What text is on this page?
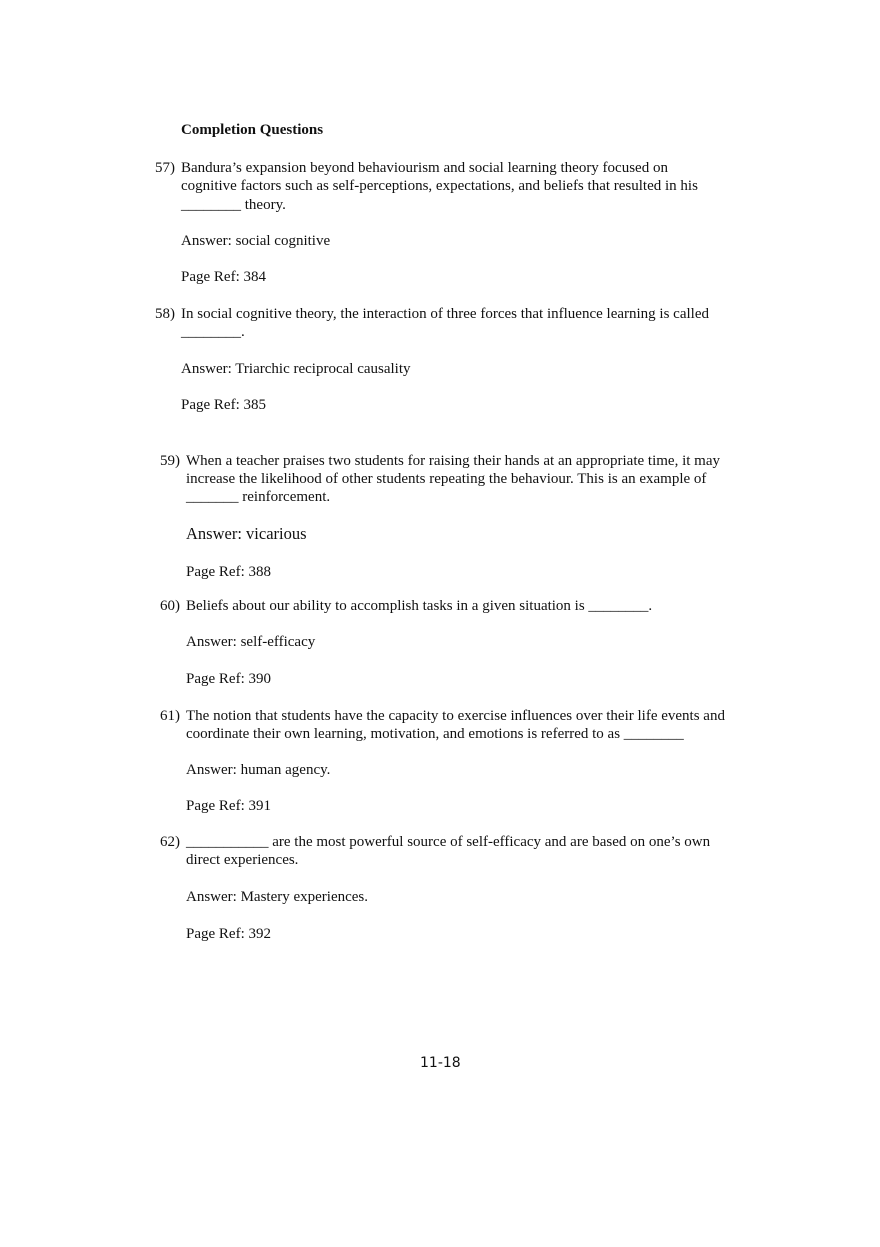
Completion Questions
57) Bandura’s expansion beyond behaviourism and social learning theory focused on
cognitive factors such as self-perceptions, expectations, and beliefs that resulted in his
________ theory.
Answer: social cognitive
Page Ref: 384
58) In social cognitive theory, the interaction of three forces that influence learning is called
________.
Answer: Triarchic reciprocal causality
Page Ref: 385
59) When a teacher praises two students for raising their hands at an appropriate time, it may
increase the likelihood of other students repeating the behaviour. This is an example of
_______ reinforcement.
Answer: vicarious
Page Ref: 388
60) Beliefs about our ability to accomplish tasks in a given situation is ________.
Answer: self-efficacy
Page Ref: 390
61) The notion that students have the capacity to exercise influences over their life events and
coordinate their own learning, motivation, and emotions is referred to as ________
Answer: human agency.
Page Ref: 391
62) ___________ are the most powerful source of self-efficacy and are based on one’s own
direct experiences.
Answer: Mastery experiences.
Page Ref: 392
11-18
